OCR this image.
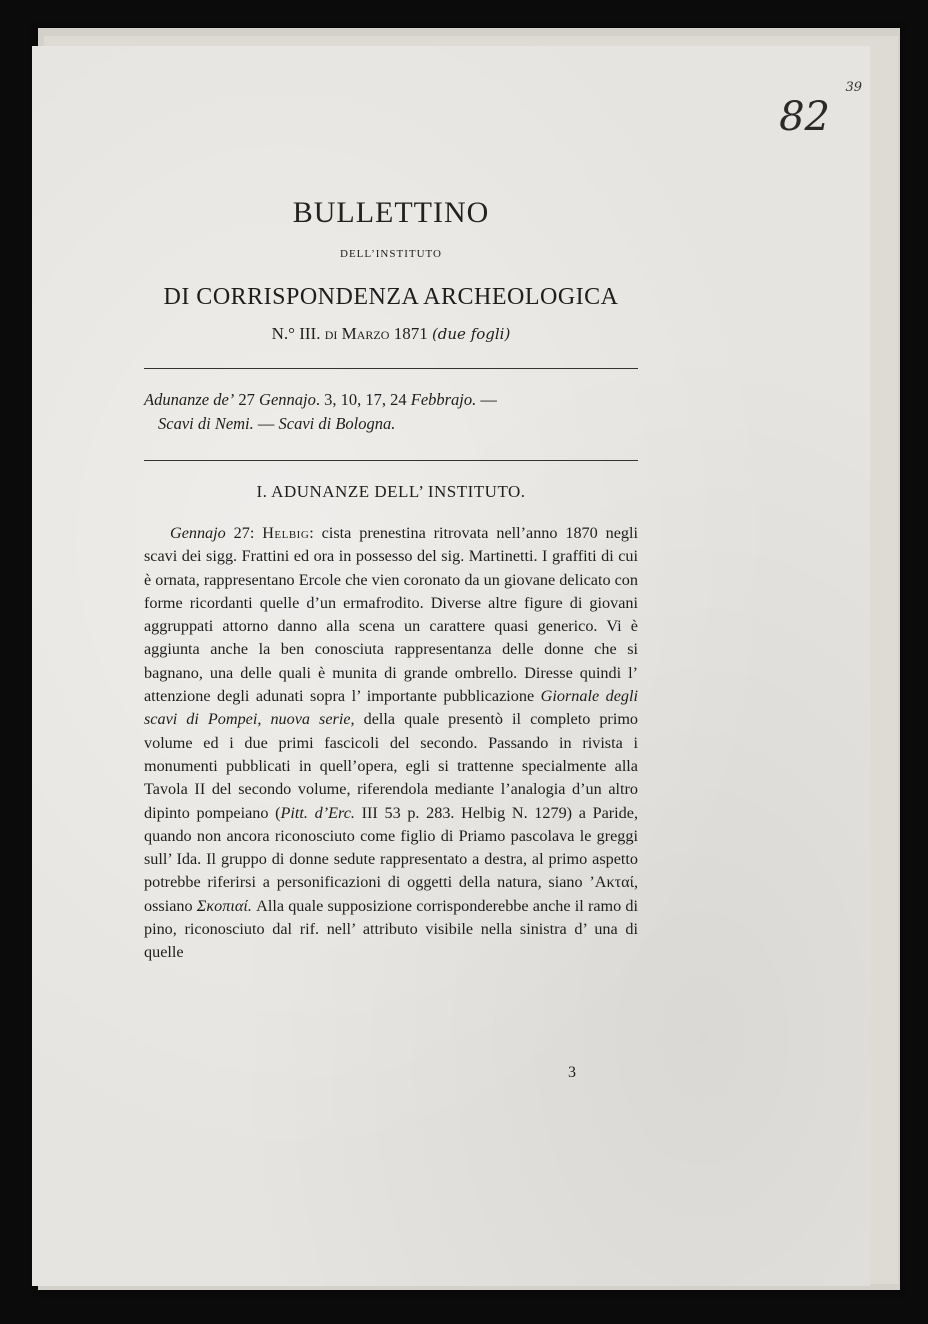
39
82
BULLETTINO
DELL’INSTITUTO
DI CORRISPONDENZA ARCHEOLOGICA
N.° III. DI Marzo 1871 (due fogli)

Adunanze de’ 27 Gennajo. 3, 10, 17, 24 Febbrajo. —

Scavi di Nemi. — Scavi di Bologna.

I. ADUNANZE DELL’ INSTITUTO.

Gennajo 27: Helbig: cista prenestina ritrovata nell’anno 1870 negli scavi dei sigg. Frattini ed ora in possesso del sig. Martinetti. I graffiti di cui è ornata, rappresentano Ercole che vien coronato da un giovane delicato con forme ricordanti quelle d’un ermafrodito. Diverse altre figure di giovani aggruppati attorno danno alla scena un carattere quasi generico. Vi è aggiunta anche la ben conosciuta rappresentanza delle donne che si bagnano, una delle quali è munita di grande ombrello. Diresse quindi l’ attenzione degli adunati sopra l’ importante pubblicazione Giornale degli scavi di Pompei, nuova serie, della quale presentò il completo primo volume ed i due primi fascicoli del secondo. Passando in rivista i monumenti pubblicati in quell’opera, egli si trattenne specialmente alla Tavola II del secondo volume, riferendola mediante l’analogia d’un altro dipinto pompeiano (Pitt. d’Erc. III 53 p. 283. Helbig N. 1279) a Paride, quando non ancora riconosciuto come figlio di Priamo pascolava le greggi sull’ Ida. Il gruppo di donne sedute rappresentato a destra, al primo aspetto potrebbe riferirsi a personificazioni di oggetti della natura, siano ’Ακταί, ossiano Σκοπιαί. Alla quale supposizione corrisponderebbe anche il ramo di pino, riconosciuto dal rif. nell’ attributo visibile nella sinistra d’ una di quelle

3
